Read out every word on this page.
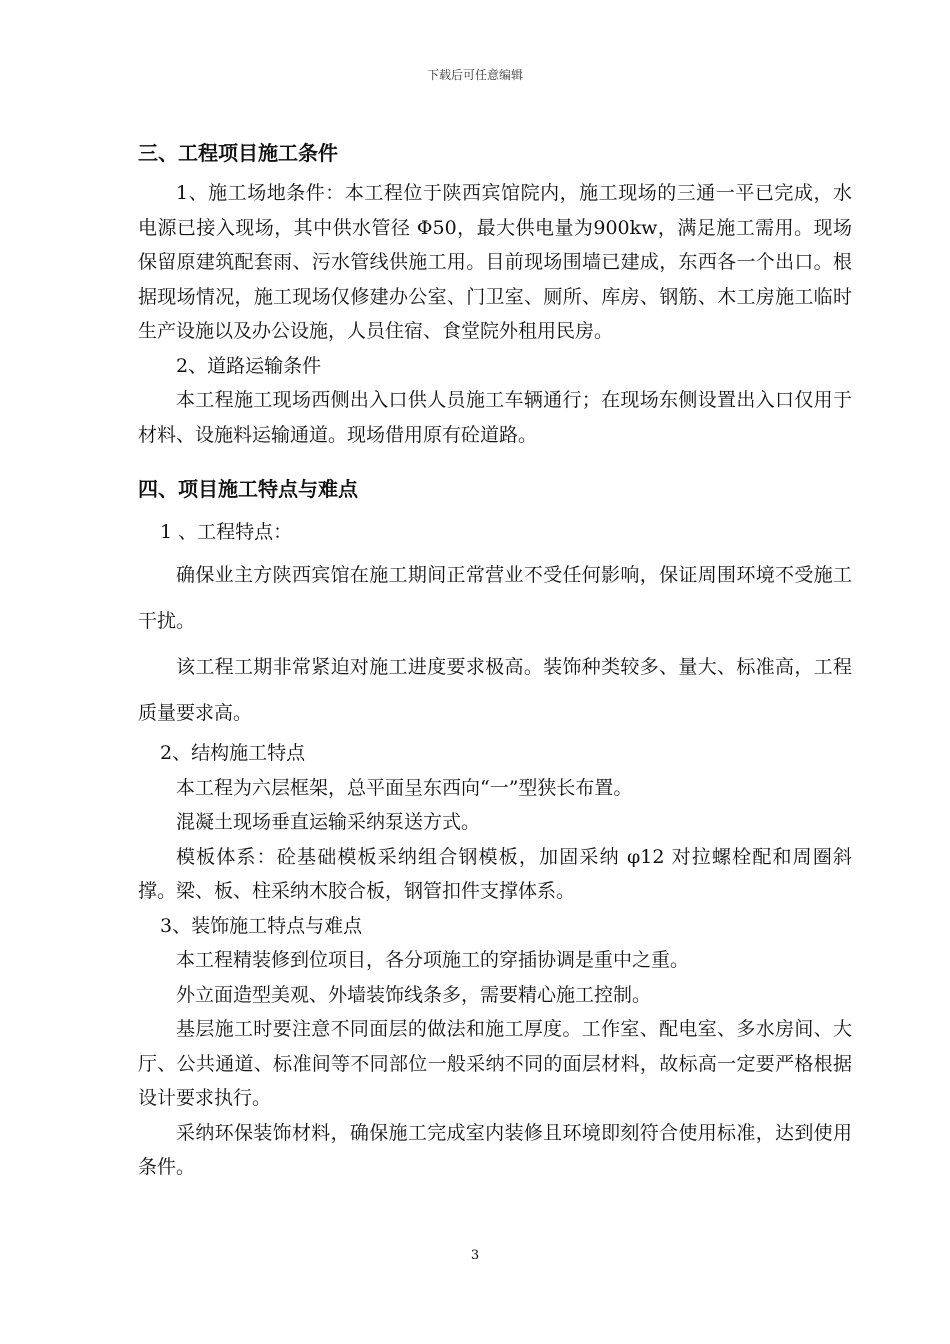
下载后可任意编辑
三、工程项目施工条件

1、施工场地条件：本工程位于陕西宾馆院内，施工现场的三通一平已完成，水电源已接入现场，其中供水管径 Φ50，最大供电量为900kw，满足施工需用。现场保留原建筑配套雨、污水管线供施工用。目前现场围墙已建成，东西各一个出口。根据现场情况，施工现场仅修建办公室、门卫室、厕所、库房、钢筋、木工房施工临时生产设施以及办公设施，人员住宿、食堂院外租用民房。

2、道路运输条件

本工程施工现场西侧出入口供人员施工车辆通行；在现场东侧设置出入口仅用于材料、设施料运输通道。现场借用原有砼道路。

四、项目施工特点与难点

1 、工程特点：

确保业主方陕西宾馆在施工期间正常营业不受任何影响，保证周围环境不受施工干扰。

该工程工期非常紧迫对施工进度要求极高。装饰种类较多、量大、标准高，工程质量要求高。

2、结构施工特点

本工程为六层框架，总平面呈东西向“一”型狭长布置。

混凝土现场垂直运输采纳泵送方式。

模板体系：砼基础模板采纳组合钢模板，加固采纳 φ12 对拉螺栓配和周圈斜撑。梁、板、柱采纳木胶合板，钢管扣件支撑体系。

3、装饰施工特点与难点

本工程精装修到位项目，各分项施工的穿插协调是重中之重。

外立面造型美观、外墙装饰线条多，需要精心施工控制。

基层施工时要注意不同面层的做法和施工厚度。工作室、配电室、多水房间、大厅、公共通道、标准间等不同部位一般采纳不同的面层材料，故标高一定要严格根据设计要求执行。

采纳环保装饰材料，确保施工完成室内装修且环境即刻符合使用标准，达到使用条件。

3
